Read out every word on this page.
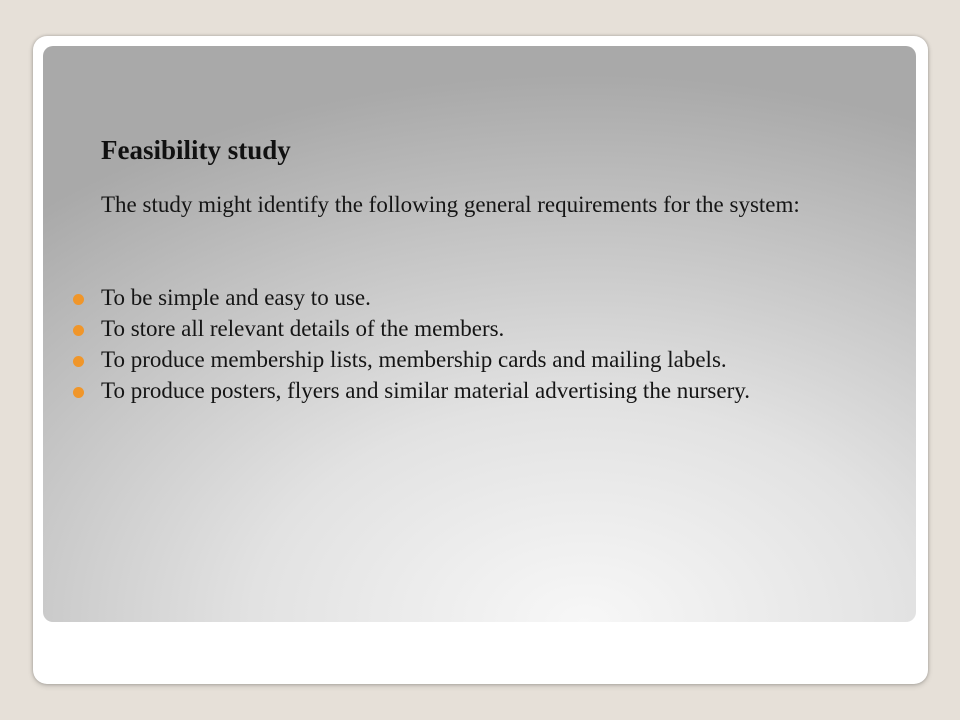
Feasibility study

The study might identify the following general requirements for the system:

To be simple and easy to use.
To store all relevant details of the members.
To produce membership lists, membership cards and mailing labels.
To produce posters, flyers and similar material advertising the nursery.
